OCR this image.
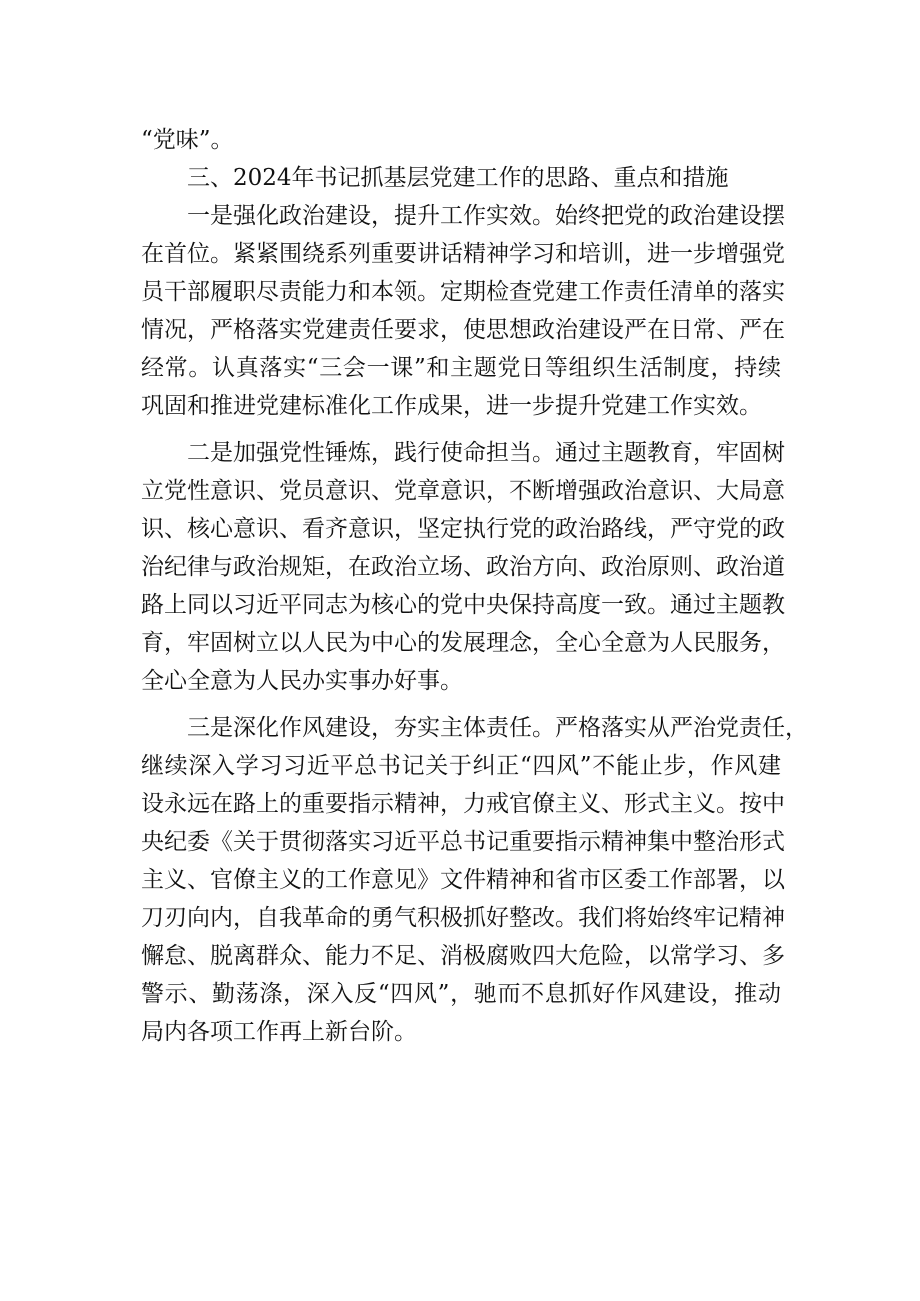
“党味”。
三、2024年书记抓基层党建工作的思路、重点和措施
一是强化政治建设，提升工作实效。始终把党的政治建设摆
在首位。紧紧围绕系列重要讲话精神学习和培训，进一步增强党
员干部履职尽责能力和本领。定期检查党建工作责任清单的落实
情况，严格落实党建责任要求，使思想政治建设严在日常、严在
经常。认真落实“三会一课”和主题党日等组织生活制度，持续
巩固和推进党建标准化工作成果，进一步提升党建工作实效。
二是加强党性锤炼，践行使命担当。通过主题教育，牢固树
立党性意识、党员意识、党章意识，不断增强政治意识、大局意
识、核心意识、看齐意识，坚定执行党的政治路线，严守党的政
治纪律与政治规矩，在政治立场、政治方向、政治原则、政治道
路上同以习近平同志为核心的党中央保持高度一致。通过主题教
育，牢固树立以人民为中心的发展理念，全心全意为人民服务，
全心全意为人民办实事办好事。
三是深化作风建设，夯实主体责任。严格落实从严治党责任，
继续深入学习习近平总书记关于纠正“四风”不能止步，作风建
设永远在路上的重要指示精神，力戒官僚主义、形式主义。按中
央纪委《关于贯彻落实习近平总书记重要指示精神集中整治形式
主义、官僚主义的工作意见》文件精神和省市区委工作部署，以
刀刃向内，自我革命的勇气积极抓好整改。我们将始终牢记精神
懈怠、脱离群众、能力不足、消极腐败四大危险，以常学习、多
警示、勤荡涤，深入反“四风”，驰而不息抓好作风建设，推动
局内各项工作再上新台阶。
